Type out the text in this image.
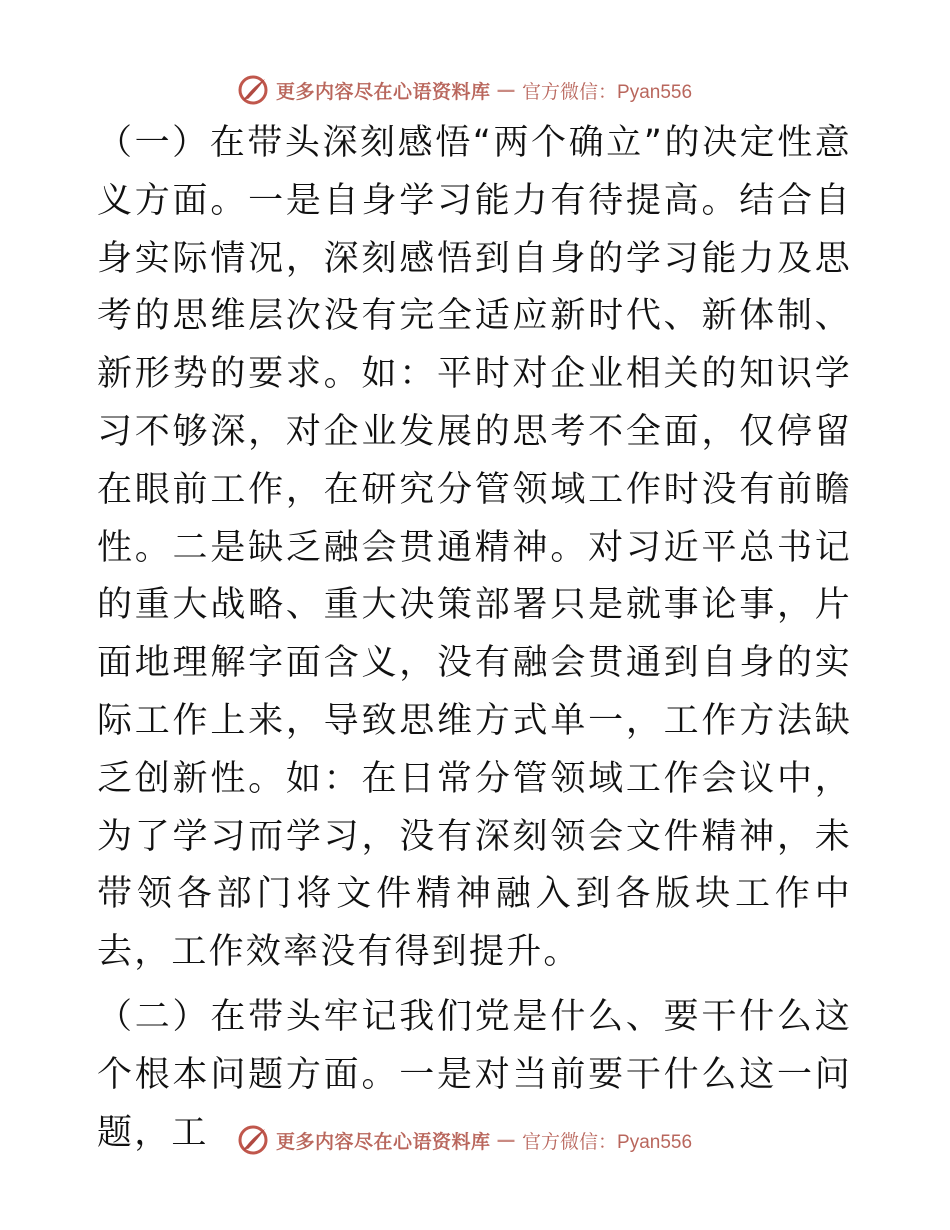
更多内容尽在心语资料库 — 官方微信：Pyan556

（一）在带头深刻感悟“两个确立”的决定性意义方面。一是自身学习能力有待提高。结合自身实际情况，深刻感悟到自身的学习能力及思考的思维层次没有完全适应新时代、新体制、新形势的要求。如：平时对企业相关的知识学习不够深，对企业发展的思考不全面，仅停留在眼前工作，在研究分管领域工作时没有前瞻性。二是缺乏融会贯通精神。对习近平总书记的重大战略、重大决策部署只是就事论事，片面地理解字面含义，没有融会贯通到自身的实际工作上来，导致思维方式单一，工作方法缺乏创新性。如：在日常分管领域工作会议中，为了学习而学习，没有深刻领会文件精神，未带领各部门将文件精神融入到各版块工作中去，工作效率没有得到提升。

（二）在带头牢记我们党是什么、要干什么这个根本问题方面。一是对当前要干什么这一问题，工	更多内容尽在心语资料库 — 官方微信：Pyan556
